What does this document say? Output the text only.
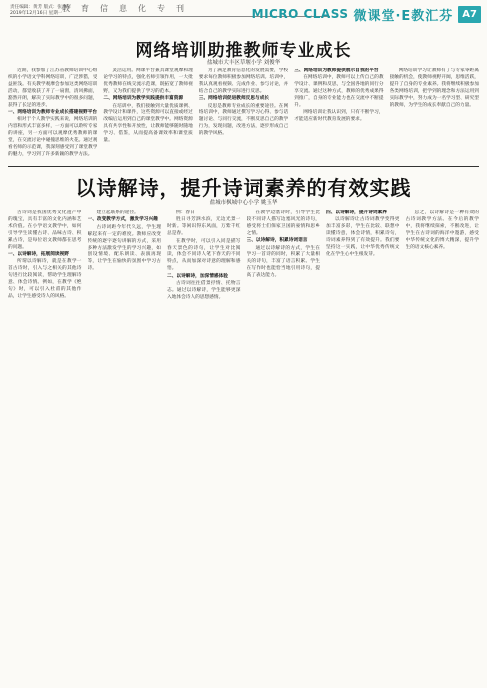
责任编辑：黄芳 版式：张治年
2019年12月16日 星期一
教育信息化专刊	MICRO CLASS 微课堂·E教汇芬 A7
网络培训助推教师专业成长
盐城市大丰区草堰小学 刘俊华

近期，我参加了江苏省教师培训中心组织的小学语文学科网络培训，广泛涉猎，受益匪浅。有关教学观摩会参加这类网络培训活动，都觉收获了开了一扇窗，清风拂面，豁然开朗，解决了实际教学中的很多问题，获得了长足的进步。

一、网络培训为教师专业成长搭建视野平台

相对于个人教学实践来说，网络培训的内容和形式丰富多样，一方面可以聆听专家的讲座，另一方面可以观摩优秀教师的课堂，在交流讨论中碰撞思维的火花。通过观看名师的示范课，我深刻感受到了课堂教学的魅力，学习到了许多新颖的教学方法。

灵活运用。网课平台兼具课堂观摩和理论学习的特点，强化名师引领作用，一大批优秀教师在线交流示范课，既拓宽了教师视野，又为我们提供了学习的范本。

二、网络培训为教学实践提供丰富资源

在培训中，我们接触到大量优质课例、教学设计和课件，这些资源可以直接或经过改编后运用到自己的课堂教学中。网络资源具有共享性和开放性，让教师能够随时随地学习、借鉴，从而提高备课效率和课堂质量。

为了满足教育信息化的发展需要，学校要求每位教师积极参加网络培训。培训中，我认真观看视频、完成作业、参与讨论，并结合自己的教学实际进行反思。

三、网络培训促进教师反思与成长

反思是教师专业成长的重要途径。在网络培训中，教师通过撰写学习心得、参与话题讨论、与同行交流，不断反思自己的教学行为，发现问题，改进方法，逐步形成自己的教学风格。

三、网络培训为教师提供展示自我的平台

在网络培训中，教师可以上传自己的教学设计、课例和反思，与全国各地的同行分享交流。通过这种方式，教师的优秀成果得到推广，自身的专业能力也在交流中不断提升。

网络培训让我认识到，只有不断学习，才能适应新时代教育发展的要求。

网络培训学习让教师有了与专家零距离接触的机会，使教师视野开阔，思维活跃，提升了自身的专业素养。我将继续积极参加各类网络培训，把学到的理念和方法运用到实际教学中，努力成为一名学习型、研究型的教师，为学生的成长奉献自己的力量。

以诗解诗，提升诗词素养的有效实践
盐城市枫城中心小学 姚玉华

古诗词是我国优秀文化遗产中的瑰宝，具有丰富的文化内涵和艺术价值。在小学语文教学中，如何引导学生读懂古诗、品味古诗、积累古诗，是每位语文教师都在思考的问题。

一、以诗解诗，拓展阅读视野

所谓以诗解诗，就是在教学一首古诗时，引入与之相关的其他诗句进行比较阅读，帮助学生理解诗意、体会诗情。例如，在教学《绝句》时，可以引入杜甫的其他作品，让学生感受诗人的风格。

建立起联系的途径。

一、改变教学方式，激发学习兴趣

古诗词距今年代久远，学生理解起来有一定的难度。教师应改变传统的逐字逐句讲解的方式，采用多种方法激发学生的学习兴趣，如创设情境、配乐朗读、表演再现等，让学生在愉快的氛围中学习古诗。

例：春日

胜日寻芳泗水滨，无边光景一时新。等闲识得东风面，万紫千红总是春。

在教学时，可以引入同是描写春天景色的诗句，让学生对比阅读，体会不同诗人笔下春天的不同特点，从而加深对诗意的理解和感悟。

二、以诗解诗，加深情感体验

古诗词往往借景抒情、托物言志。通过以诗解诗，学生能够更深入地体会诗人的思想感情。

在教学边塞诗时，引导学生比较不同诗人描写边塞风光的诗句，感受将士们保家卫国的豪情和思乡之情。

三、以诗解诗，积累诗词语言

通过以诗解诗的方式，学生在学习一首诗的同时，积累了大量相关的诗句，丰富了语言积累。学生在写作时也能恰当地引用诗句，提高了表达能力。

四、以诗解诗，提升诗词素养

以诗解诗让古诗词教学变得更加丰富多彩，学生在比较、联想中读懂诗意，体会诗情，积累诗句，诗词素养得到了有效提升。我们要坚持这一实践，让中华优秀传统文化在学生心中生根发芽。

总之，以诗解诗是一种有效的古诗词教学方法。在今后的教学中，我将继续探索，不断改进，让学生在古诗词的海洋中遨游，感受中华传统文化的博大精深，提升学生的语文核心素养。
